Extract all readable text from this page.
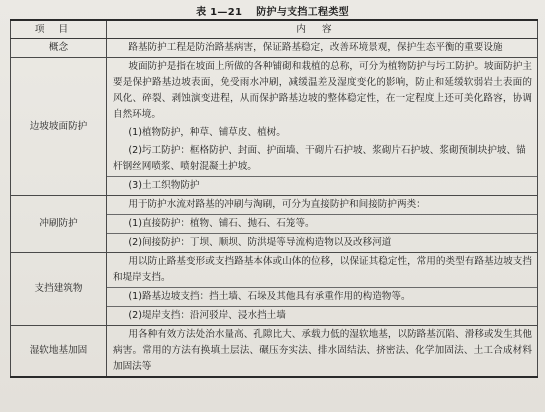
表 1—21 防护与支挡工程类型
项目	内容
概念	路基防护工程是防治路基病害，保证路基稳定，改善环境景观，保护生态平衡的重要设施

边坡坡面防护	坡面防护是指在坡面上所做的各种铺砌和栽植的总称，可分为植物防护与圬工防护。坡面防护主要是保护路基边坡表面，免受雨水冲刷，减缓温差及湿度变化的影响，防止和延缓软弱岩土表面的风化、碎裂、剥蚀演变进程，从而保护路基边坡的整体稳定性，在一定程度上还可美化路容，协调自然环境。

(1)植物防护，种草、铺草皮、植树。

(2)圬工防护：框格防护、封面、护面墙、干砌片石护坡、浆砌片石护坡、浆砌预制块护坡、锚杆钢丝网喷浆、喷射混凝土护坡。

(3)土工织物防护

冲刷防护	用于防护水流对路基的冲刷与淘刷，可分为直接防护和间接防护两类：

(1)直接防护：植物、铺石、抛石、石笼等。

(2)间接防护：丁坝、顺坝、防洪堤等导流构造物以及改移河道

支挡建筑物	用以防止路基变形或支挡路基本体或山体的位移，以保证其稳定性，常用的类型有路基边坡支挡和堤岸支挡。

(1)路基边坡支挡：挡土墙、石垛及其他具有承重作用的构造物等。

(2)堤岸支挡：沿河驳岸、浸水挡土墙

湿软地基加固	用各种有效方法处治水量高、孔隙比大、承载力低的湿软地基，以防路基沉陷、滑移或发生其他病害。常用的方法有换填土层法、碾压夯实法、排水固结法、挤密法、化学加固法、土工合成材料加固法等
